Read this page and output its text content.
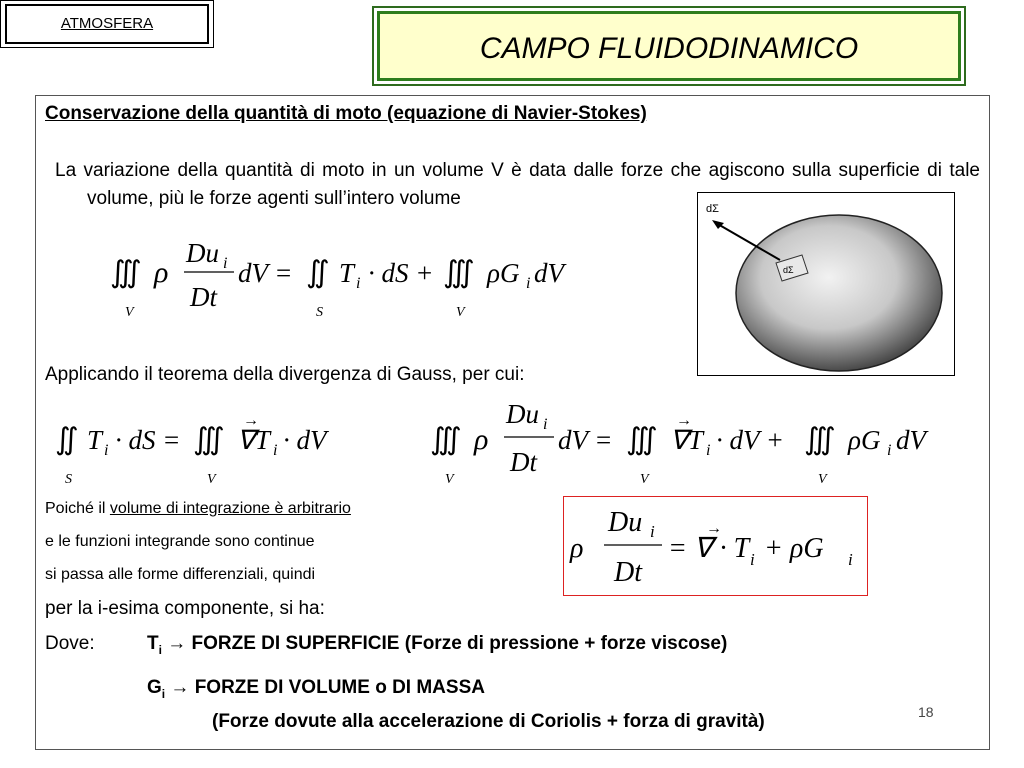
ATMOSFERA
CAMPO FLUIDODINAMICO
Conservazione della quantità di moto (equazione di Navier-Stokes)
La variazione della quantità di moto in un volume V è data dalle forze che agiscono sulla superficie di tale volume, più le forze agenti sull’intero volume	dΣ
dΣ
∭ ρ
Du i
Dt
dV = ∬ T i · dS + ∭ ρG i dV
V	S	V
Applicando il teorema della divergenza di Gauss, per cui:
∬ T i · dS = ∭ ∇T i · dV
→
S	V
∭ ρ
Du i
Dt
dV = ∭ ∇T
→
i · dV + ∭ ρG i dV
V	V	V
Poiché il volume di integrazione è arbitrario
e le funzioni integrande sono continue
si passa alle forme differenziali, quindi
per la i-esima componente, si ha:
ρ
Du i
Dt
= ∇ · T i
→
+ ρG i
Dove:	$T_i$ → FORZE DI SUPERFICIE (Forze di pressione + forze viscose)
$G_i$ → FORZE DI VOLUME o DI MASSA
(Forze dovute alla accelerazione di Coriolis + forza di gravità)	18
